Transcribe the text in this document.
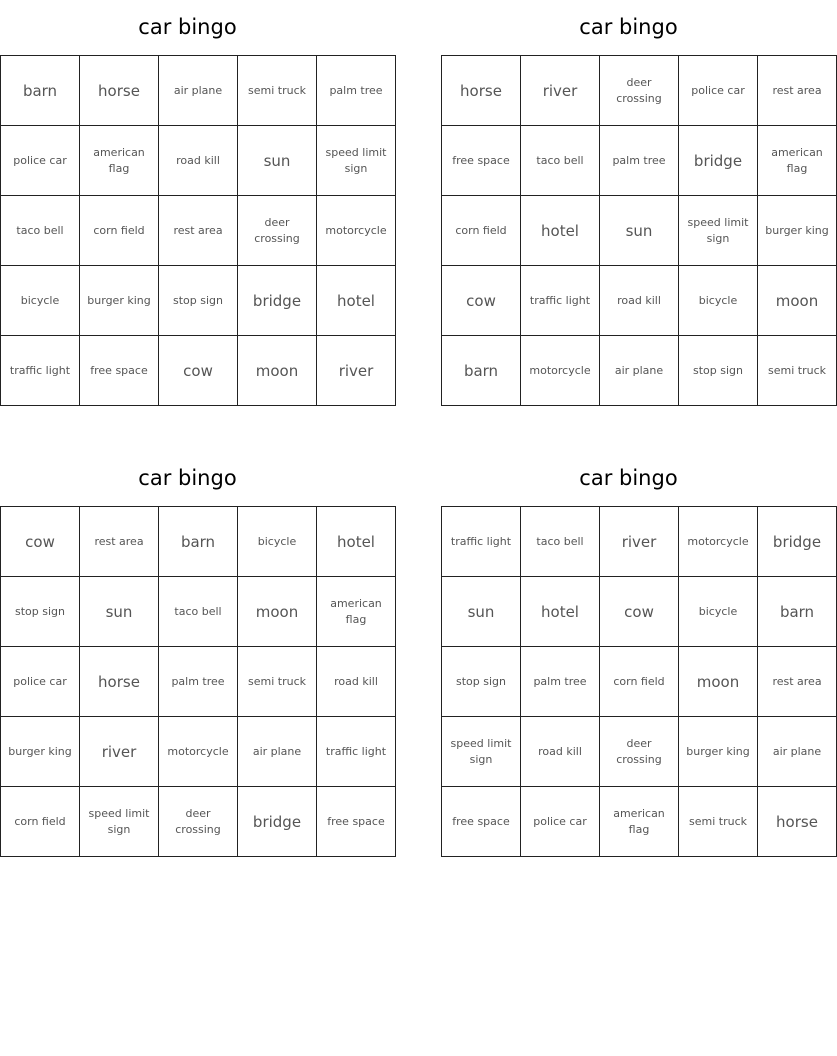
car bingo
barn	horse	air plane	semi truck	palm tree
police car	american flag	road kill	sun	speed limit sign
taco bell	corn field	rest area	deer crossing	motorcycle
bicycle	burger king	stop sign	bridge	hotel
traffic light	free space	cow	moon	river
car bingo
horse	river	deer crossing	police car	rest area
free space	taco bell	palm tree	bridge	american flag
corn field	hotel	sun	speed limit sign	burger king
cow	traffic light	road kill	bicycle	moon
barn	motorcycle	air plane	stop sign	semi truck
car bingo
cow	rest area	barn	bicycle	hotel
stop sign	sun	taco bell	moon	american flag
police car	horse	palm tree	semi truck	road kill
burger king	river	motorcycle	air plane	traffic light
corn field	speed limit sign	deer crossing	bridge	free space
car bingo
traffic light	taco bell	river	motorcycle	bridge
sun	hotel	cow	bicycle	barn
stop sign	palm tree	corn field	moon	rest area
speed limit sign	road kill	deer crossing	burger king	air plane
free space	police car	american flag	semi truck	horse
